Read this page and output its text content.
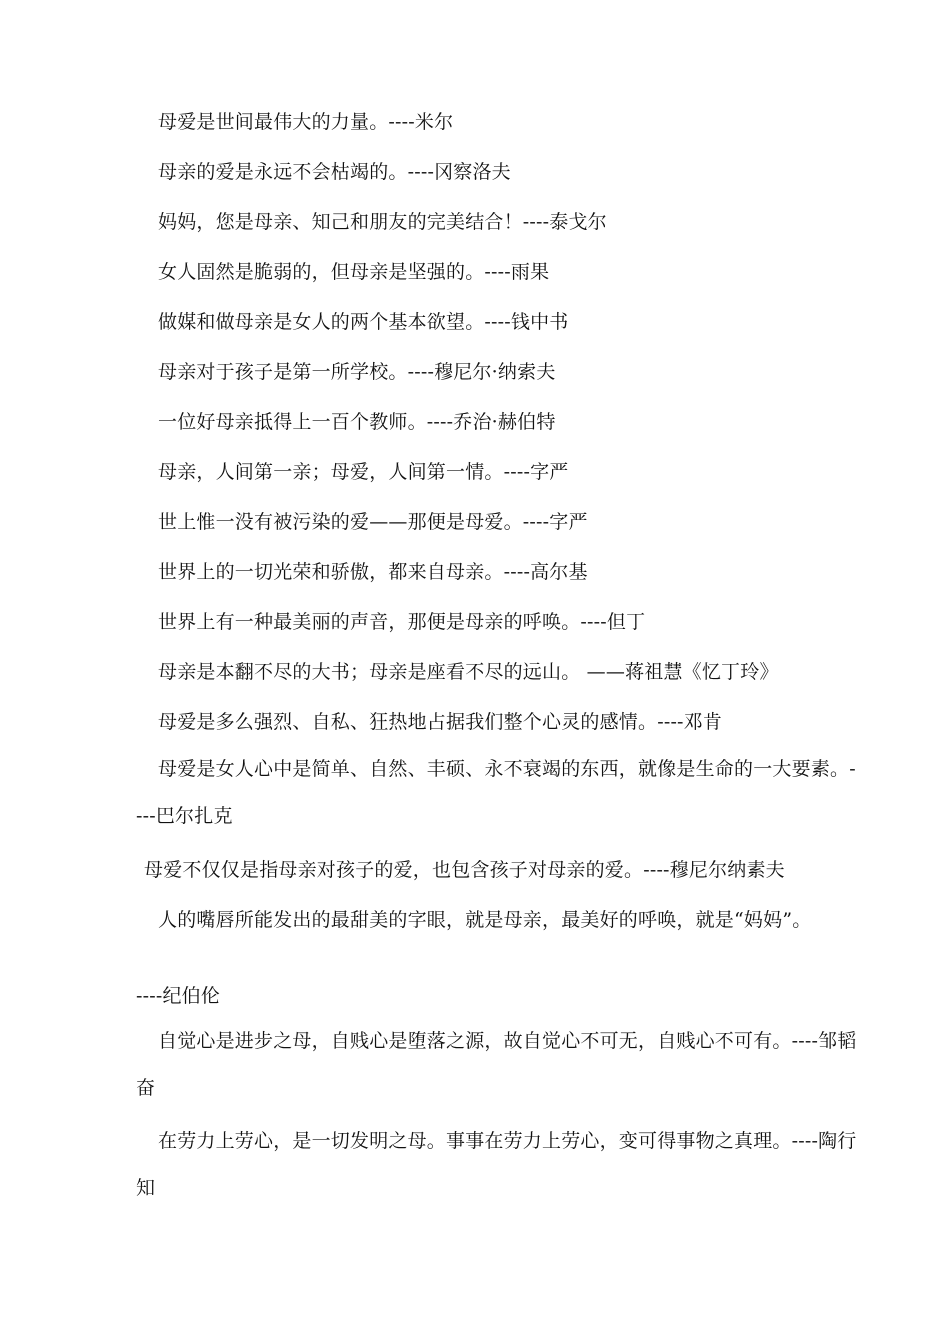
母爱是世间最伟大的力量。----米尔
母亲的爱是永远不会枯竭的。----冈察洛夫
妈妈，您是母亲、知己和朋友的完美结合！----泰戈尔
女人固然是脆弱的，但母亲是坚强的。----雨果
做媒和做母亲是女人的两个基本欲望。----钱中书
母亲对于孩子是第一所学校。----穆尼尔·纳索夫
一位好母亲抵得上一百个教师。----乔治·赫伯特
母亲，人间第一亲；母爱，人间第一情。----字严
世上惟一没有被污染的爱——那便是母爱。----字严
世界上的一切光荣和骄傲，都来自母亲。----高尔基
世界上有一种最美丽的声音，那便是母亲的呼唤。----但丁
母亲是本翻不尽的大书；母亲是座看不尽的远山。 ——蒋祖慧《忆丁玲》
母爱是多么强烈、自私、狂热地占据我们整个心灵的感情。----邓肯
母爱是女人心中是简单、自然、丰硕、永不衰竭的东西，就像是生命的一大要素。----巴尔扎克
母爱不仅仅是指母亲对孩子的爱，也包含孩子对母亲的爱。----穆尼尔纳素夫
人的嘴唇所能发出的最甜美的字眼，就是母亲，最美好的呼唤，就是“妈妈”。
----纪伯伦
自觉心是进步之母，自贱心是堕落之源，故自觉心不可无，自贱心不可有。----邹韬奋
在劳力上劳心，是一切发明之母。事事在劳力上劳心，变可得事物之真理。----陶行知
